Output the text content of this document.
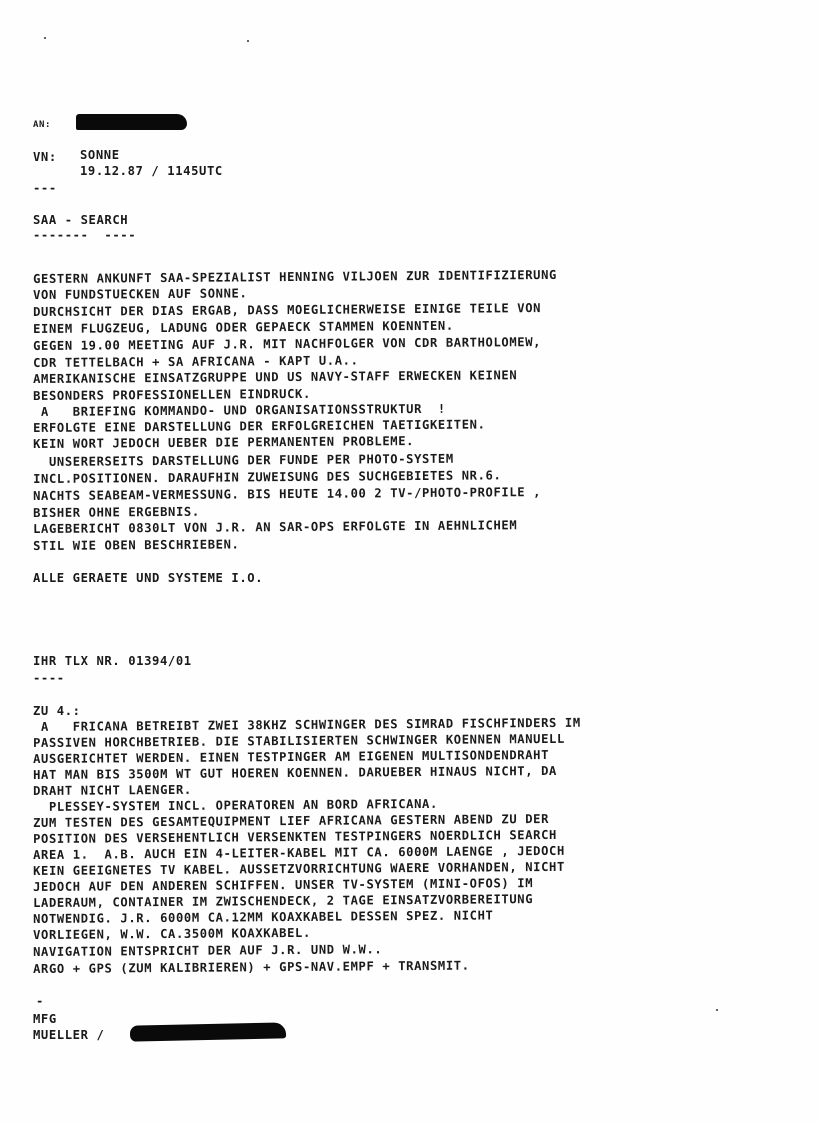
AN:
VN: SONNE
19.12.87 / 1145UTC
---
SAA - SEARCH
-------  ----
GESTERN ANKUNFT SAA-SPEZIALIST HENNING VILJOEN ZUR IDENTIFIZIERUNG
VON FUNDSTUECKEN AUF SONNE.
DURCHSICHT DER DIAS ERGAB, DASS MOEGLICHERWEISE EINIGE TEILE VON
EINEM FLUGZEUG, LADUNG ODER GEPAECK STAMMEN KOENNTEN.
GEGEN 19.00 MEETING AUF J.R. MIT NACHFOLGER VON CDR BARTHOLOMEW,
CDR TETTELBACH + SA AFRICANA - KAPT U.A..
AMERIKANISCHE EINSATZGRUPPE UND US NAVY-STAFF ERWECKEN KEINEN
BESONDERS PROFESSIONELLEN EINDRUCK.
A   BRIEFING KOMMANDO- UND ORGANISATIONSSTRUKTUR  !
ERFOLGTE EINE DARSTELLUNG DER ERFOLGREICHEN TAETIGKEITEN.
KEIN WORT JEDOCH UEBER DIE PERMANENTEN PROBLEME.
UNSERERSEITS DARSTELLUNG DER FUNDE PER PHOTO-SYSTEM
INCL.POSITIONEN. DARAUFHIN ZUWEISUNG DES SUCHGEBIETES NR.6.
NACHTS SEABEAM-VERMESSUNG. BIS HEUTE 14.00 2 TV-/PHOTO-PROFILE ,
BISHER OHNE ERGEBNIS.
LAGEBERICHT 0830LT VON J.R. AN SAR-OPS ERFOLGTE IN AEHNLICHEM
STIL WIE OBEN BESCHRIEBEN.
ALLE GERAETE UND SYSTEME I.O.
IHR TLX NR. 01394/01
----
ZU 4.:
A   FRICANA BETREIBT ZWEI 38KHZ SCHWINGER DES SIMRAD FISCHFINDERS IM
PASSIVEN HORCHBETRIEB. DIE STABILISIERTEN SCHWINGER KOENNEN MANUELL
AUSGERICHTET WERDEN. EINEN TESTPINGER AM EIGENEN MULTISONDENDRAHT
HAT MAN BIS 3500M WT GUT HOEREN KOENNEN. DARUEBER HINAUS NICHT, DA
DRAHT NICHT LAENGER.
PLESSEY-SYSTEM INCL. OPERATOREN AN BORD AFRICANA.
ZUM TESTEN DES GESAMTEQUIPMENT LIEF AFRICANA GESTERN ABEND ZU DER
POSITION DES VERSEHENTLICH VERSENKTEN TESTPINGERS NOERDLICH SEARCH
AREA 1.  A.B. AUCH EIN 4-LEITER-KABEL MIT CA. 6000M LAENGE , JEDOCH
KEIN GEEIGNETES TV KABEL. AUSSETZVORRICHTUNG WAERE VORHANDEN, NICHT
JEDOCH AUF DEN ANDEREN SCHIFFEN. UNSER TV-SYSTEM (MINI-OFOS) IM
LADERAUM, CONTAINER IM ZWISCHENDECK, 2 TAGE EINSATZVORBEREITUNG
NOTWENDIG. J.R. 6000M CA.12MM KOAXKABEL DESSEN SPEZ. NICHT
VORLIEGEN, W.W. CA.3500M KOAXKABEL.
NAVIGATION ENTSPRICHT DER AUF J.R. UND W.W..
ARGO + GPS (ZUM KALIBRIEREN) + GPS-NAV.EMPF + TRANSMIT.
-
MFG
MUELLER /
